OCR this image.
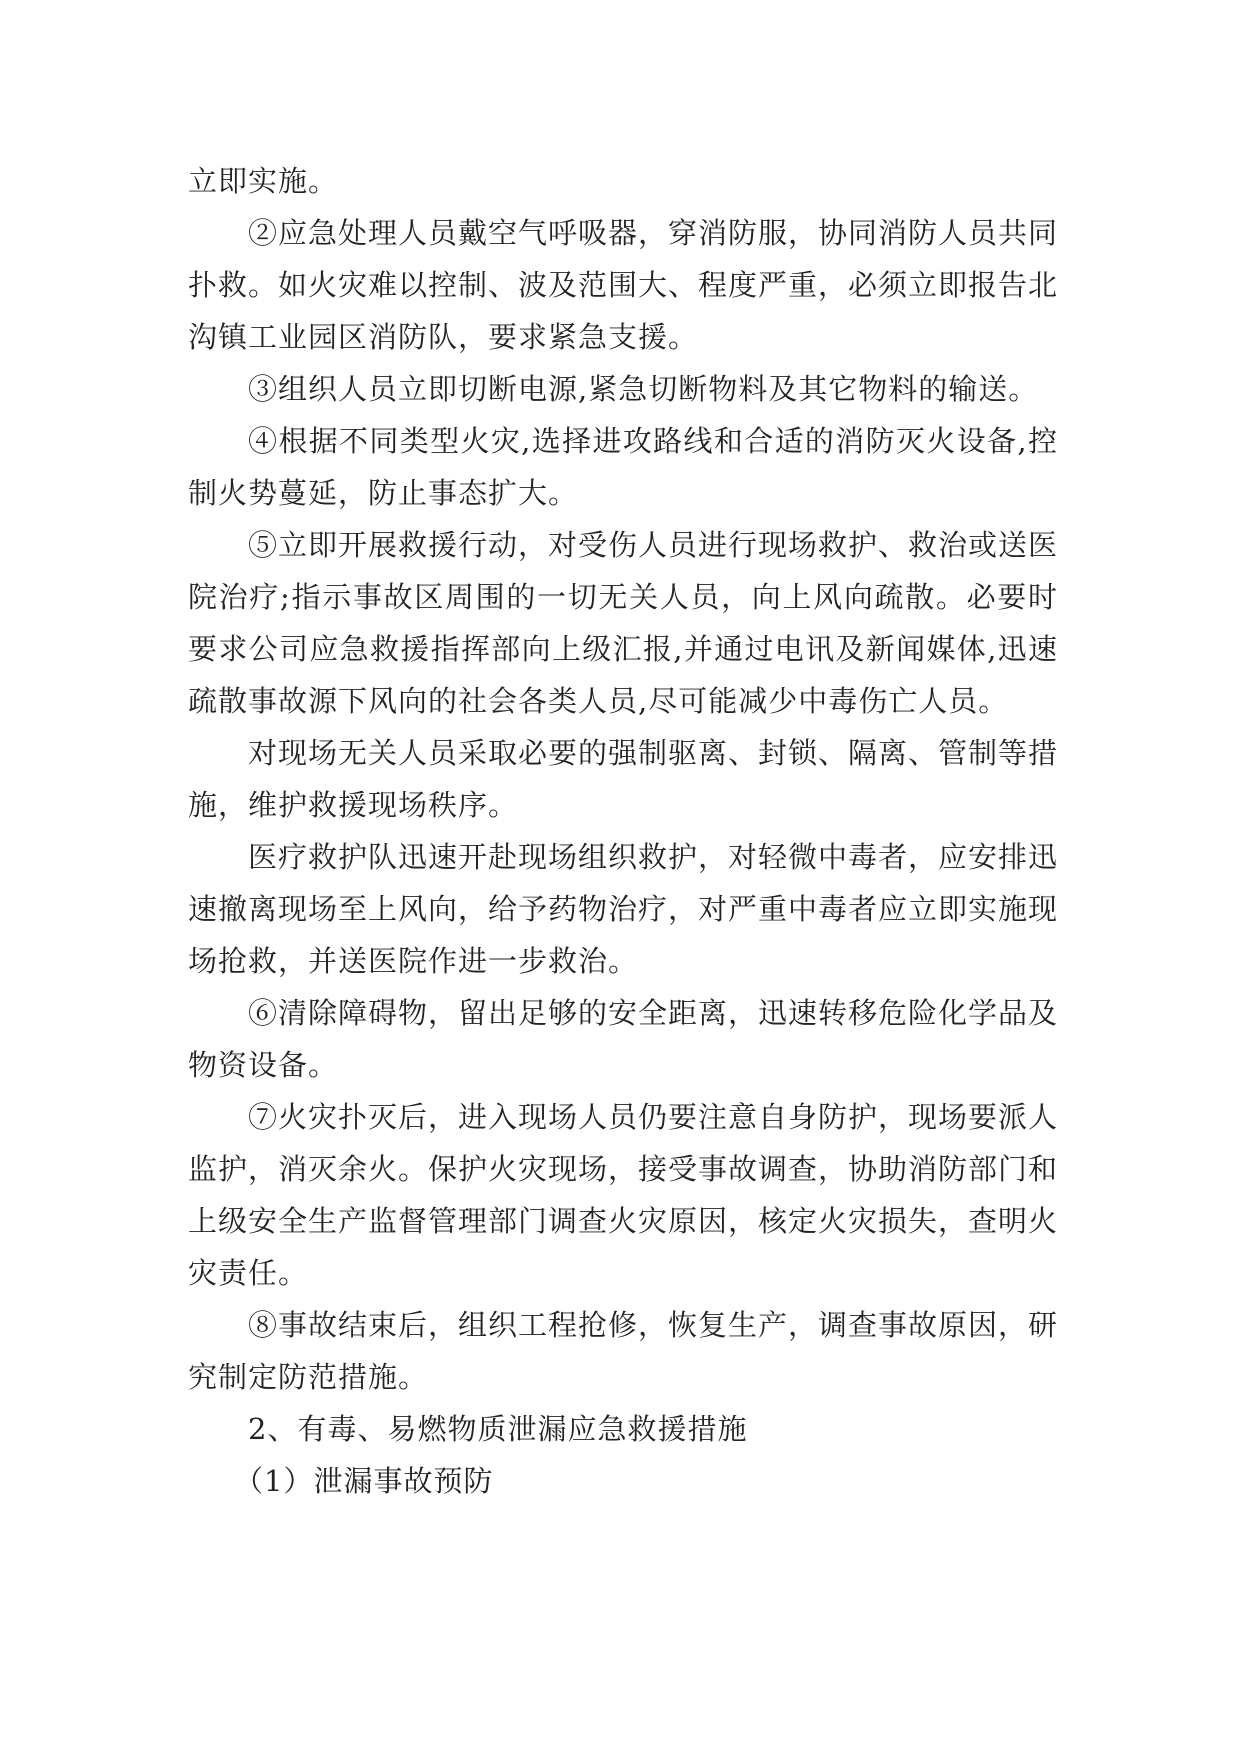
立即实施。

②应急处理人员戴空气呼吸器，穿消防服，协同消防人员共同扑救。如火灾难以控制、波及范围大、程度严重，必须立即报告北沟镇工业园区消防队，要求紧急支援。

③组织人员立即切断电源,紧急切断物料及其它物料的输送。

④根据不同类型火灾,选择进攻路线和合适的消防灭火设备,控制火势蔓延，防止事态扩大。

⑤立即开展救援行动，对受伤人员进行现场救护、救治或送医院治疗;指示事故区周围的一切无关人员，向上风向疏散。必要时要求公司应急救援指挥部向上级汇报,并通过电讯及新闻媒体,迅速疏散事故源下风向的社会各类人员,尽可能减少中毒伤亡人员。

对现场无关人员采取必要的强制驱离、封锁、隔离、管制等措施，维护救援现场秩序。

医疗救护队迅速开赴现场组织救护，对轻微中毒者，应安排迅速撤离现场至上风向，给予药物治疗，对严重中毒者应立即实施现场抢救，并送医院作进一步救治。

⑥清除障碍物，留出足够的安全距离，迅速转移危险化学品及物资设备。

⑦火灾扑灭后，进入现场人员仍要注意自身防护，现场要派人监护，消灭余火。保护火灾现场，接受事故调查，协助消防部门和上级安全生产监督管理部门调查火灾原因，核定火灾损失，查明火灾责任。

⑧事故结束后，组织工程抢修，恢复生产，调查事故原因，研究制定防范措施。

2、有毒、易燃物质泄漏应急救援措施

（1）泄漏事故预防
